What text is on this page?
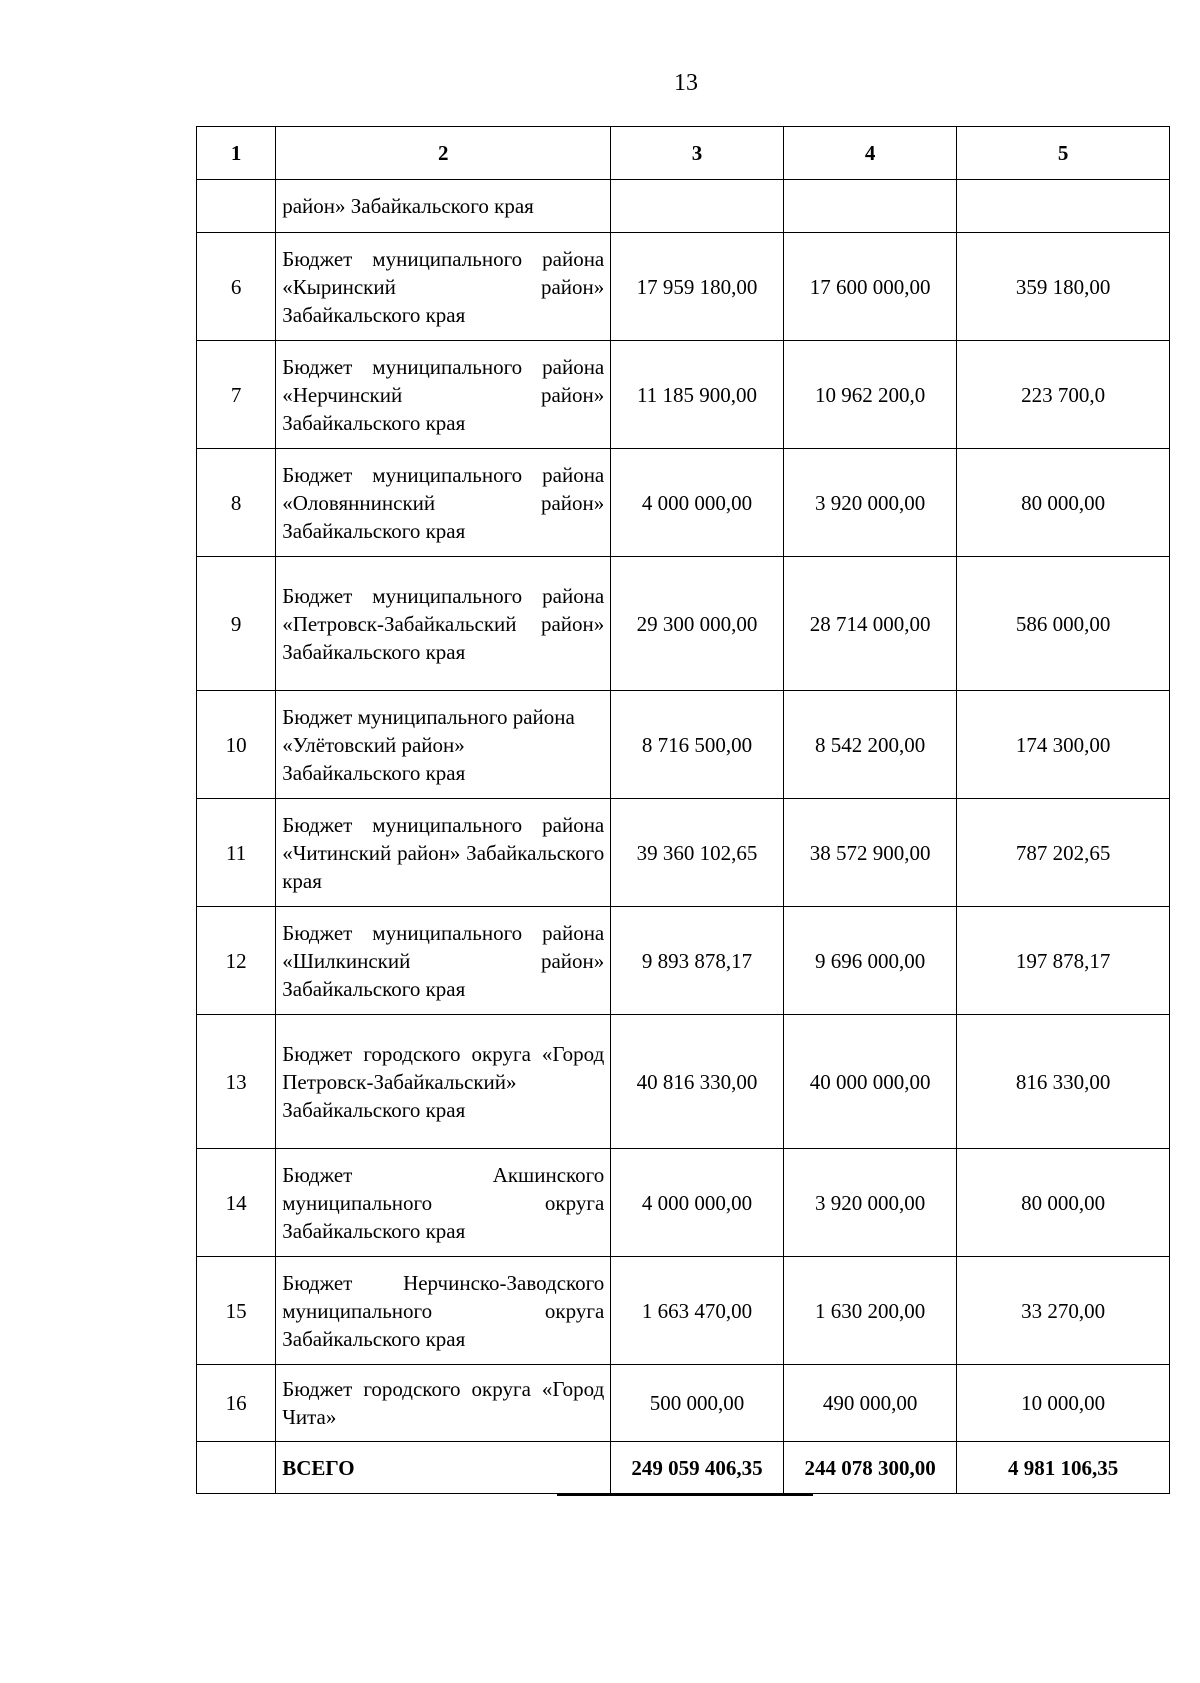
13
1	2	3	4	5

	район» Забайкальского края			

6	Бюджет муниципального района «Кыринский район» Забайкальского края	17 959 180,00	17 600 000,00	359 180,00
7	Бюджет муниципального района «Нерчинский район» Забайкальского края	11 185 900,00	10 962 200,0	223 700,0
8	Бюджет муниципального района «Оловяннинский район» Забайкальского края	4 000 000,00	3 920 000,00	80 000,00
9	Бюджет муниципального района «Петровск-Забайкальский район» Забайкальского края	29 300 000,00	28 714 000,00	586 000,00
10	Бюджет муниципального района «Улётовский район» Забайкальского края	8 716 500,00	8 542 200,00	174 300,00
11	Бюджет муниципального района «Читинский район» Забайкальского края	39 360 102,65	38 572 900,00	787 202,65
12	Бюджет муниципального района «Шилкинский район» Забайкальского края	9 893 878,17	9 696 000,00	197 878,17
13	Бюджет городского округа «Город Петровск-Забайкальский» Забайкальского края	40 816 330,00	40 000 000,00	816 330,00
14	Бюджет Акшинского муниципального округа Забайкальского края	4 000 000,00	3 920 000,00	80 000,00
15	Бюджет Нерчинско-Заводского муниципального округа Забайкальского края	1 663 470,00	1 630 200,00	33 270,00
16	Бюджет городского округа «Город Чита»	500 000,00	490 000,00	10 000,00
	ВСЕГО	249 059 406,35	244 078 300,00	4 981 106,35
